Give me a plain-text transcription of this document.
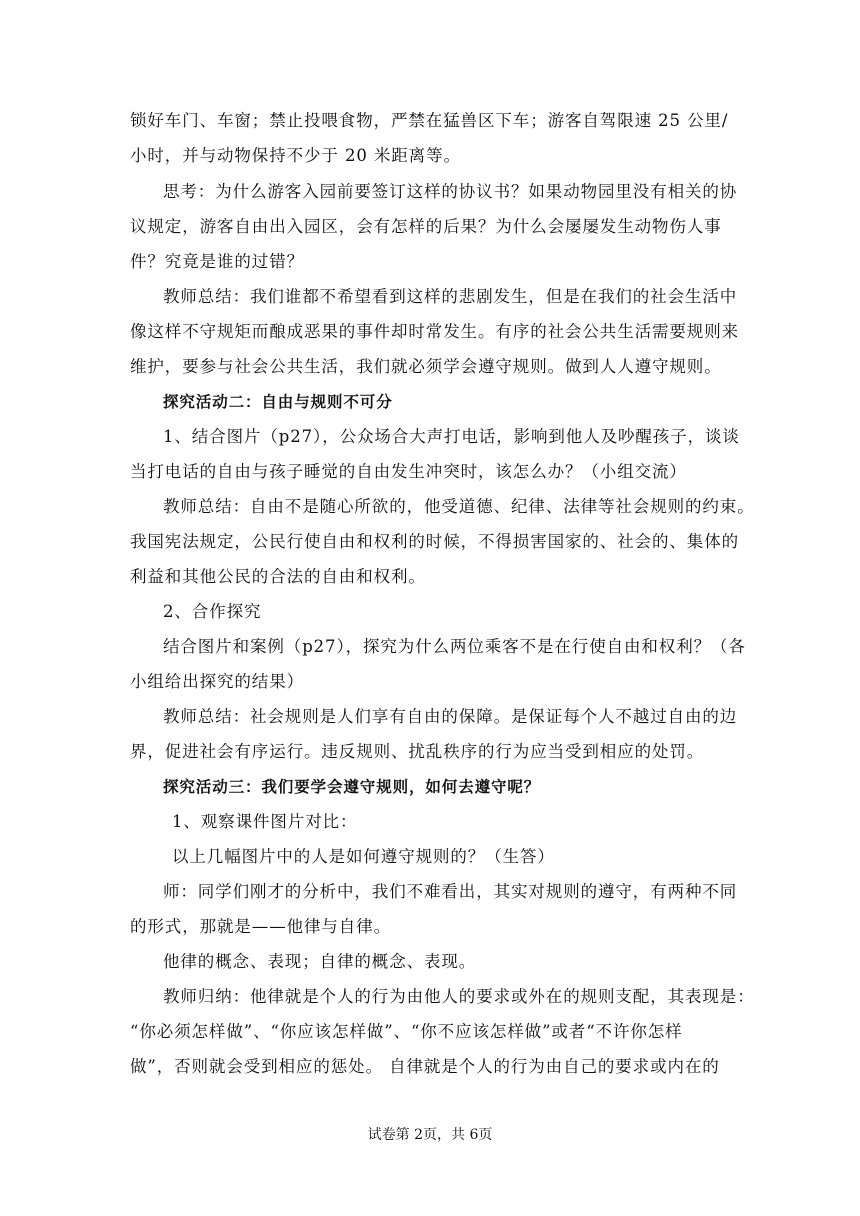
锁好车门、车窗；禁止投喂食物，严禁在猛兽区下车；游客自驾限速 25 公里/
小时，并与动物保持不少于 20 米距离等。
思考：为什么游客入园前要签订这样的协议书？如果动物园里没有相关的协
议规定，游客自由出入园区，会有怎样的后果？为什么会屡屡发生动物伤人事
件？究竟是谁的过错？
教师总结：我们谁都不希望看到这样的悲剧发生，但是在我们的社会生活中
像这样不守规矩而酿成恶果的事件却时常发生。有序的社会公共生活需要规则来
维护，要参与社会公共生活，我们就必须学会遵守规则。做到人人遵守规则。
探究活动二：自由与规则不可分
1、结合图片（p27），公众场合大声打电话，影响到他人及吵醒孩子，谈谈
当打电话的自由与孩子睡觉的自由发生冲突时，该怎么办？（小组交流）
教师总结：自由不是随心所欲的，他受道德、纪律、法律等社会规则的约束。
我国宪法规定，公民行使自由和权利的时候，不得损害国家的、社会的、集体的
利益和其他公民的合法的自由和权利。
2、合作探究
结合图片和案例（p27），探究为什么两位乘客不是在行使自由和权利？（各
小组给出探究的结果）
教师总结：社会规则是人们享有自由的保障。是保证每个人不越过自由的边
界，促进社会有序运行。违反规则、扰乱秩序的行为应当受到相应的处罚。
探究活动三：我们要学会遵守规则，如何去遵守呢？
1、观察课件图片对比：
以上几幅图片中的人是如何遵守规则的？（生答）
师：同学们刚才的分析中，我们不难看出，其实对规则的遵守，有两种不同
的形式，那就是——他律与自律。
他律的概念、表现；自律的概念、表现。
教师归纳：他律就是个人的行为由他人的要求或外在的规则支配，其表现是：
“你必须怎样做”、“你应该怎样做”、“你不应该怎样做”或者“不许你怎样
做”，否则就会受到相应的惩处。 自律就是个人的行为由自己的要求或内在的
试卷第 2页，共 6页
